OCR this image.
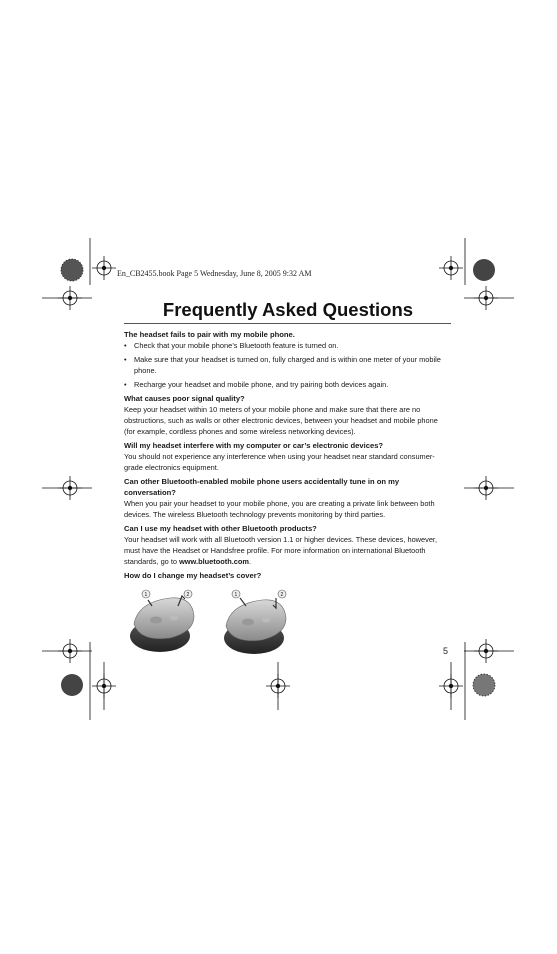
En_CB2455.book Page 5 Wednesday, June 8, 2005 9:32 AM
Frequently Asked Questions

The headset fails to pair with my mobile phone.

• Check that your mobile phone’s Bluetooth feature is turned on.
• Make sure that your headset is turned on, fully charged and is within one meter of your mobile phone.
• Recharge your headset and mobile phone, and try pairing both devices again.

What causes poor signal quality?

Keep your headset within 10 meters of your mobile phone and make sure that there are no obstructions, such as walls or other electronic devices, between your headset and mobile phone (for example, cordless phones and some wireless networking devices).

Will my headset interfere with my computer or car’s electronic devices?

You should not experience any interference when using your headset near standard consumer-grade electronics equipment.

Can other Bluetooth-enabled mobile phone users accidentally tune in on my conversation?

When you pair your headset to your mobile phone, you are creating a private link between both devices. The wireless Bluetooth technology prevents monitoring by third parties.

Can I use my headset with other Bluetooth products?

Your headset will work with all Bluetooth version 1.1 or higher devices. These devices, however, must have the Headset or Handsfree profile. For more information on international Bluetooth standards, go to www.bluetooth.com.

How do I change my headset’s cover?

1	2	1	2
5
